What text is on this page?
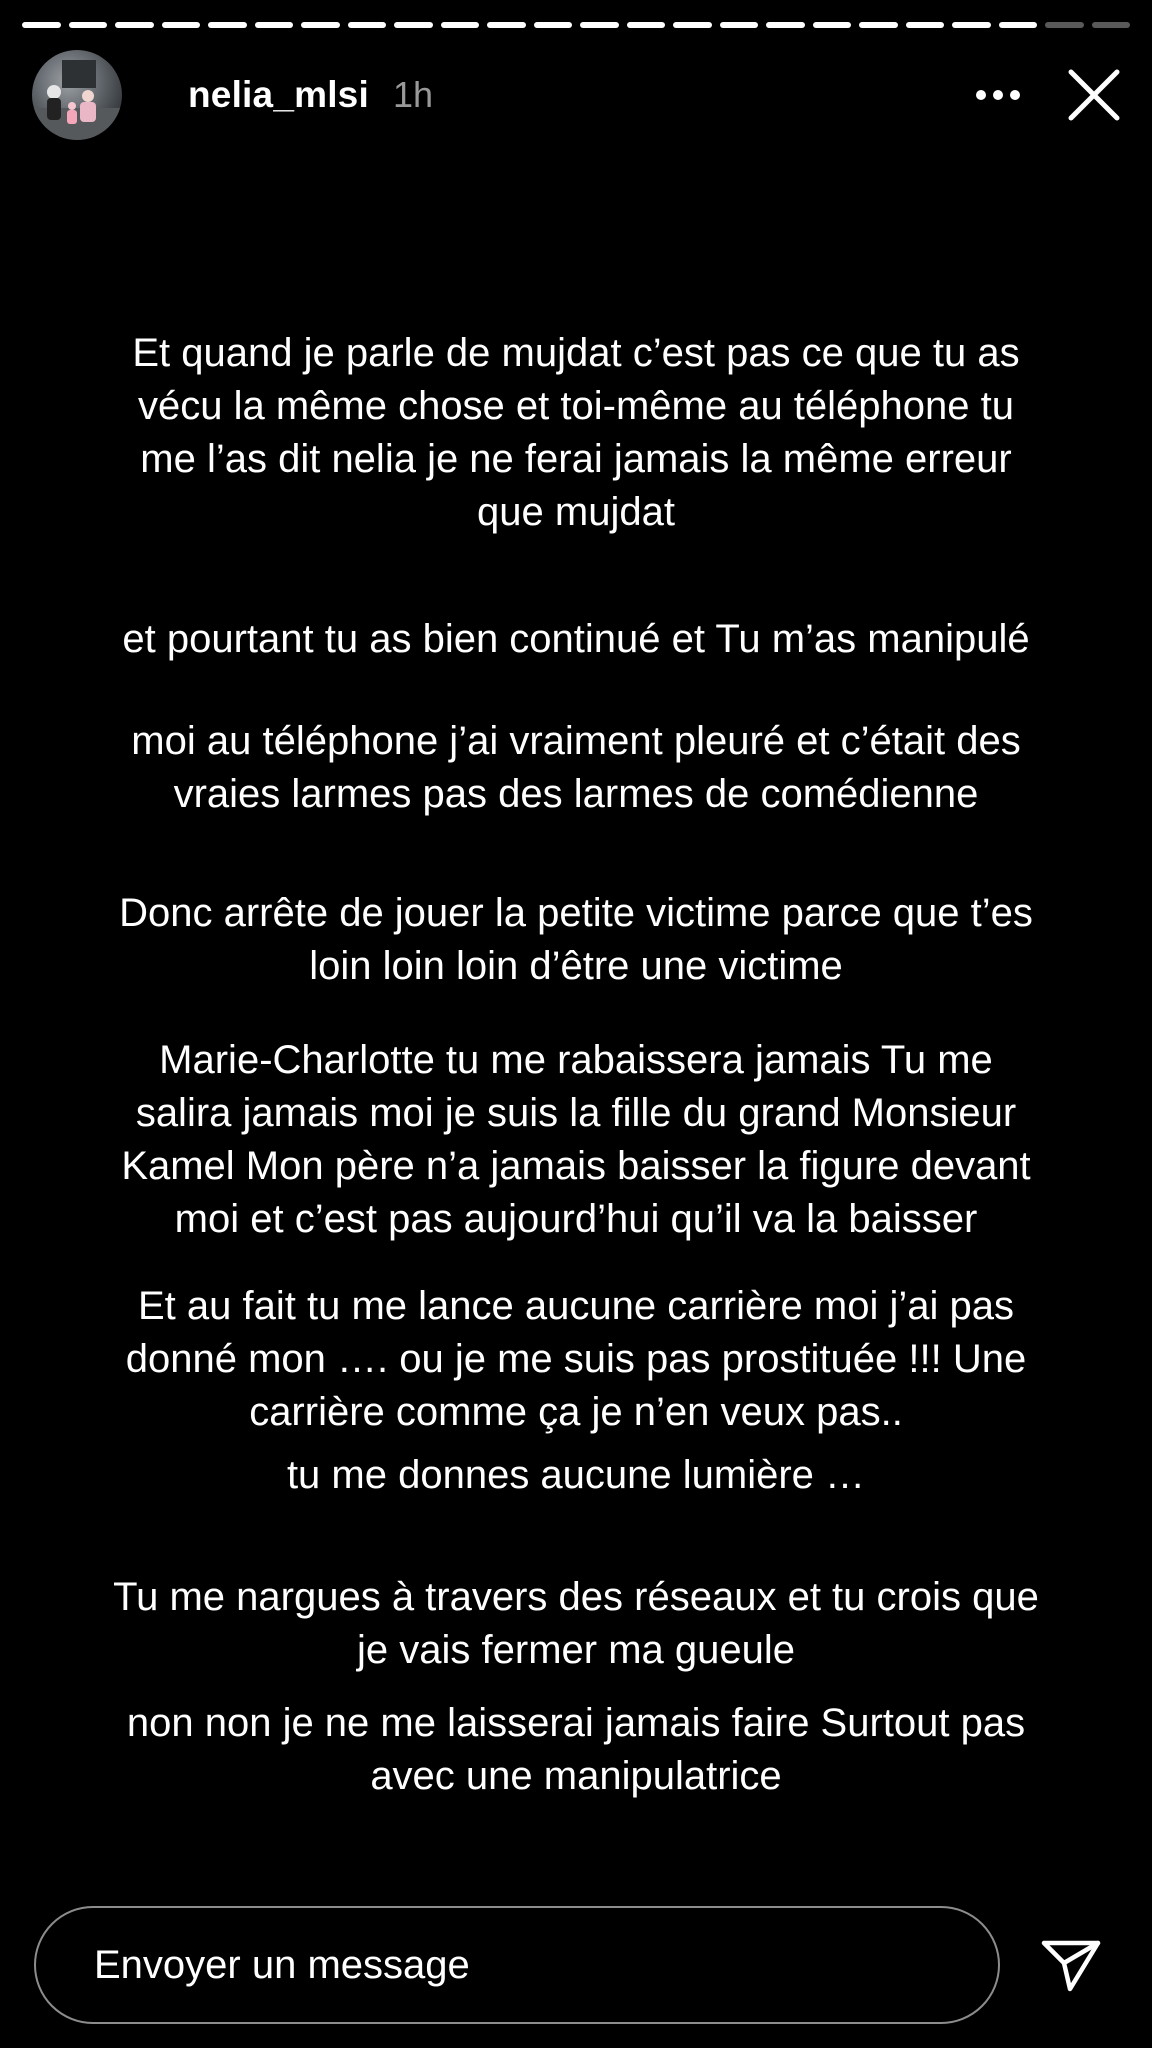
nelia_mlsi 1h

Et quand je parle de mujdat c’est pas ce que tu as
vécu la même chose et toi-même au téléphone tu
me l’as dit nelia je ne ferai jamais la même erreur
que mujdat

et pourtant tu as bien continué et Tu m’as manipulé

moi au téléphone j’ai vraiment pleuré et c’était des
vraies larmes pas des larmes de comédienne

Donc arrête de jouer la petite victime parce que t’es
loin loin loin d’être une victime

Marie-Charlotte tu me rabaissera jamais Tu me
salira jamais moi je suis la fille du grand Monsieur
Kamel Mon père n’a jamais baisser la figure devant
moi et c’est pas aujourd’hui qu’il va la baisser

Et au fait tu me lance aucune carrière moi j’ai pas
donné mon …. ou je me suis pas prostituée !!! Une
carrière comme ça je n’en veux pas..

tu me donnes aucune lumière …

Tu me nargues à travers des réseaux et tu crois que
je vais fermer ma gueule

non non je ne me laisserai jamais faire Surtout pas
avec une manipulatrice

Envoyer un message
